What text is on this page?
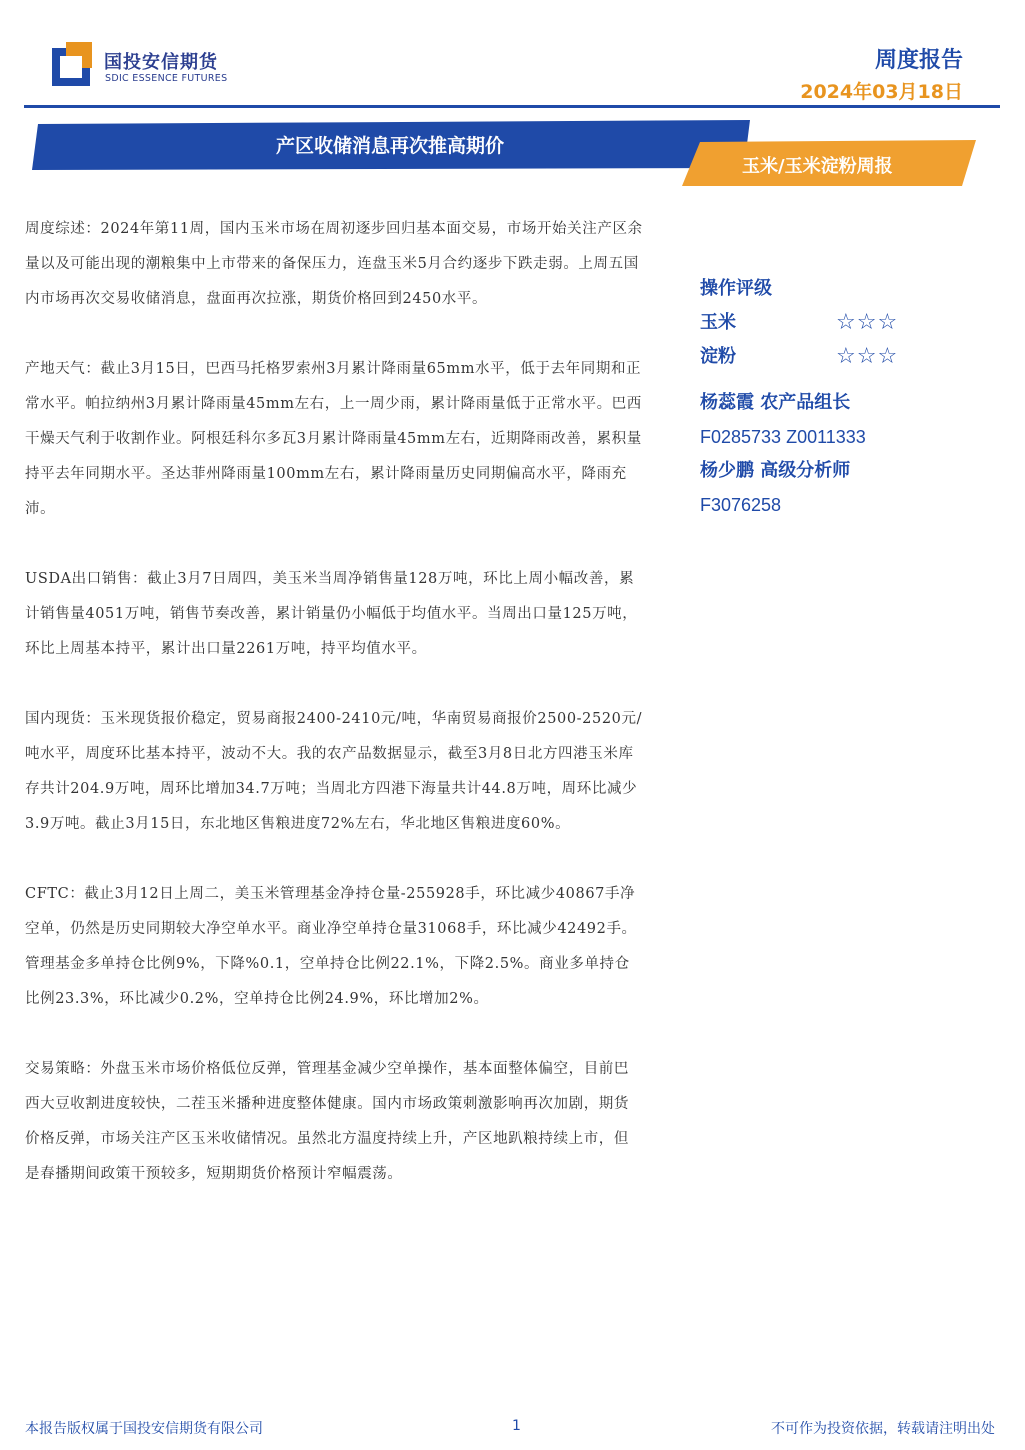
国投安信期货
SDIC ESSENCE FUTURES
周度报告
2024年03月18日
产区收储消息再次推高期价
玉米/玉米淀粉周报

周度综述：2024年第11周，国内玉米市场在周初逐步回归基本面交易，市场开始关注产区余量以及可能出现的潮粮集中上市带来的备保压力，连盘玉米5月合约逐步下跌走弱。上周五国内市场再次交易收储消息，盘面再次拉涨，期货价格回到2450水平。

产地天气：截止3月15日，巴西马托格罗索州3月累计降雨量65mm水平，低于去年同期和正常水平。帕拉纳州3月累计降雨量45mm左右，上一周少雨，累计降雨量低于正常水平。巴西干燥天气利于收割作业。阿根廷科尔多瓦3月累计降雨量45mm左右，近期降雨改善，累积量持平去年同期水平。圣达菲州降雨量100mm左右，累计降雨量历史同期偏高水平，降雨充沛。

USDA出口销售：截止3月7日周四，美玉米当周净销售量128万吨，环比上周小幅改善，累计销售量4051万吨，销售节奏改善，累计销量仍小幅低于均值水平。当周出口量125万吨，环比上周基本持平，累计出口量2261万吨，持平均值水平。

国内现货：玉米现货报价稳定，贸易商报2400-2410元/吨，华南贸易商报价2500-2520元/吨水平，周度环比基本持平，波动不大。我的农产品数据显示，截至3月8日北方四港玉米库存共计204.9万吨，周环比增加34.7万吨；当周北方四港下海量共计44.8万吨，周环比减少3.9万吨。截止3月15日，东北地区售粮进度72%左右，华北地区售粮进度60%。

CFTC：截止3月12日上周二，美玉米管理基金净持仓量-255928手，环比减少40867手净空单，仍然是历史同期较大净空单水平。商业净空单持仓量31068手，环比减少42492手。管理基金多单持仓比例9%，下降%0.1，空单持仓比例22.1%，下降2.5%。商业多单持仓比例23.3%，环比减少0.2%，空单持仓比例24.9%，环比增加2%。

交易策略：外盘玉米市场价格低位反弹，管理基金减少空单操作，基本面整体偏空，目前巴西大豆收割进度较快，二茬玉米播种进度整体健康。国内市场政策刺激影响再次加剧，期货价格反弹，市场关注产区玉米收储情况。虽然北方温度持续上升，产区地趴粮持续上市，但是春播期间政策干预较多，短期期货价格预计窄幅震荡。

操作评级
玉米	☆☆☆
淀粉	☆☆☆
杨蕊霞 农产品组长
F0285733 Z0011333
杨少鹏 高级分析师
F3076258
本报告版权属于国投安信期货有限公司	1	不可作为投资依据，转载请注明出处
